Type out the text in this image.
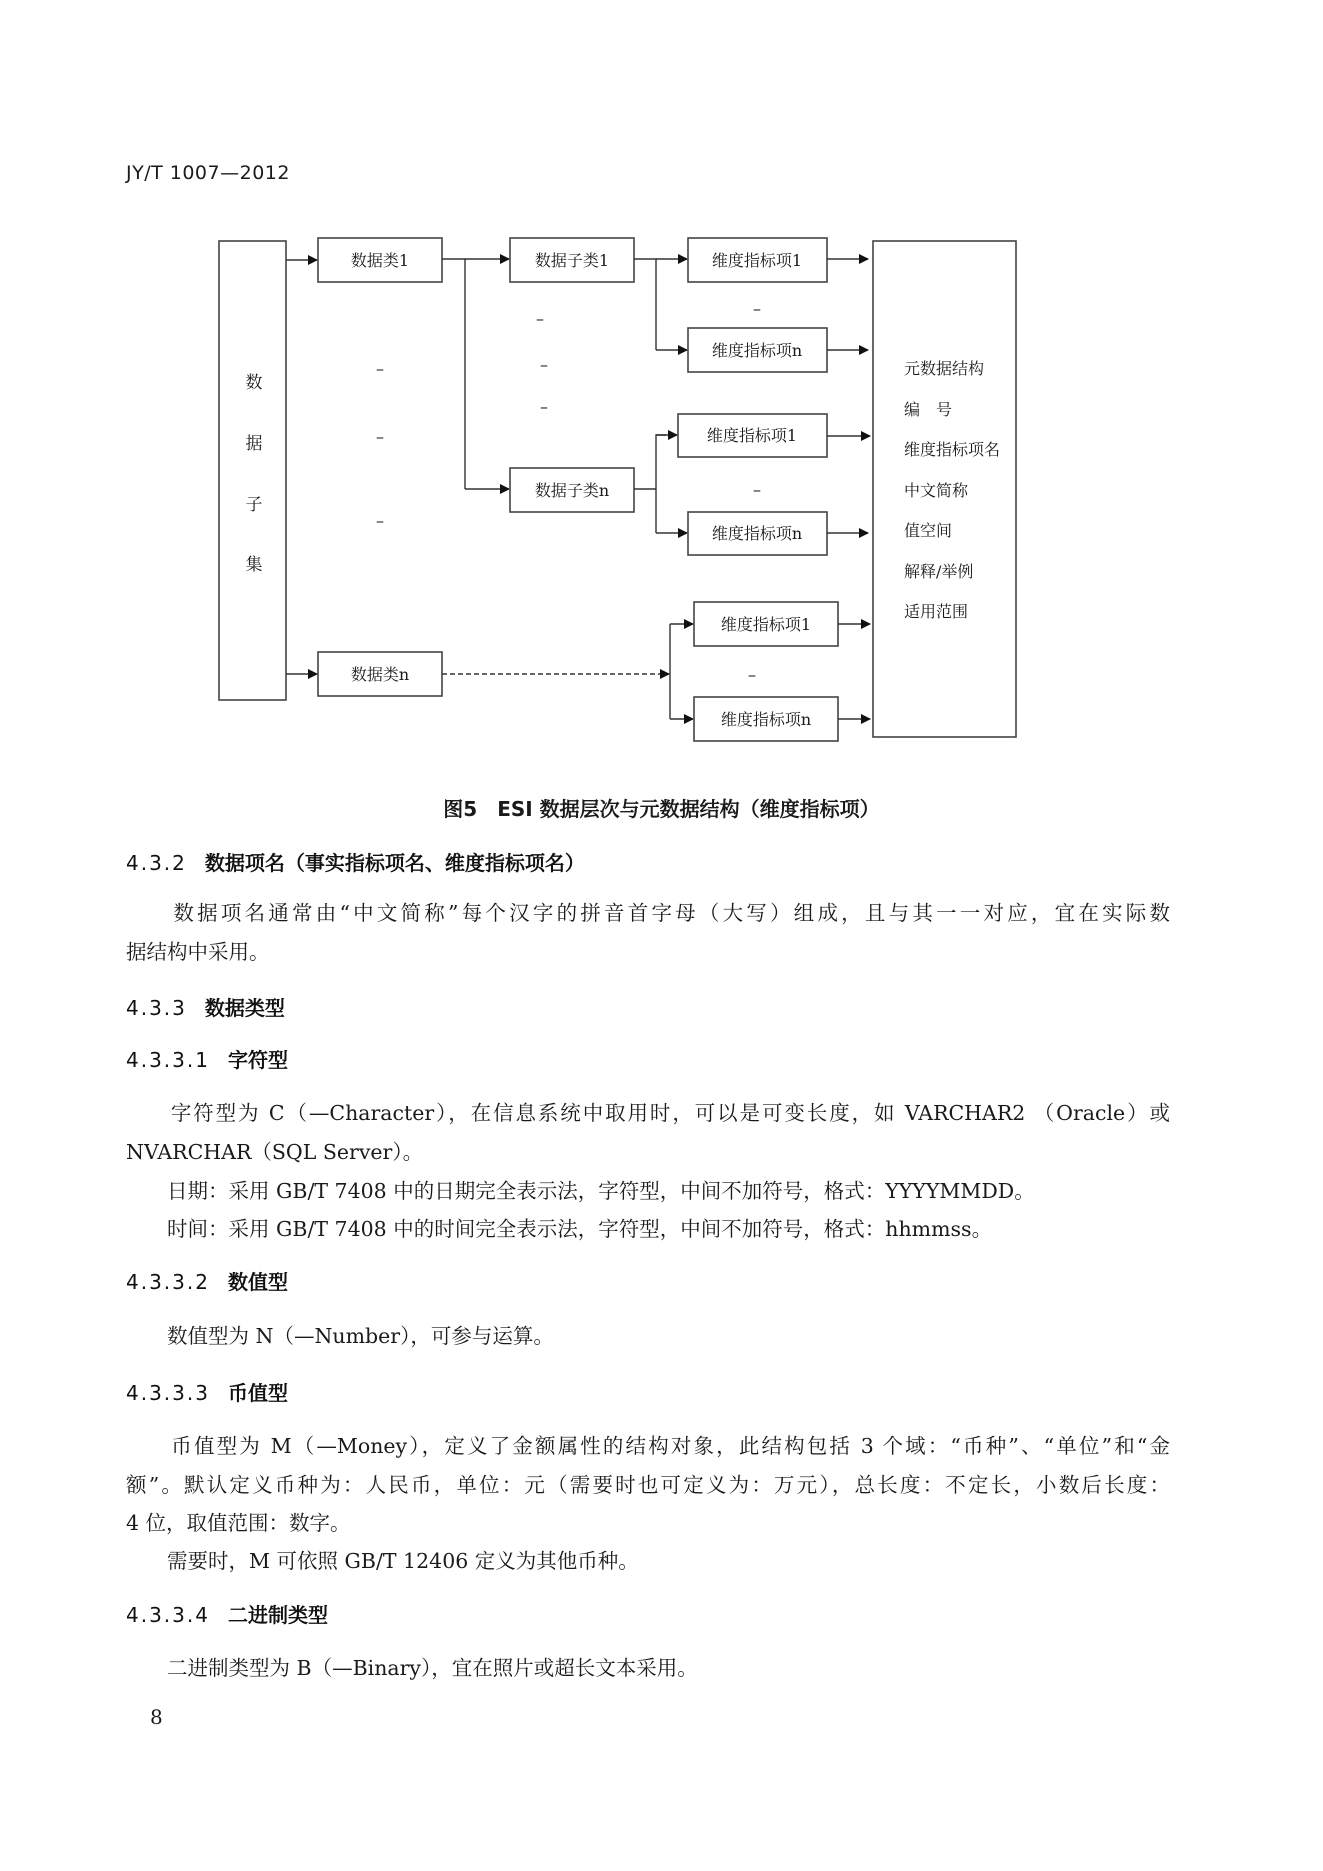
JY/T 1007—2012
数
据
子
集
数据类1
数据类n
–
–
–
数据子类1
数据子类n
–
–
–
维度指标项1
–
维度指标项n
维度指标项1
–
维度指标项n
维度指标项1
–
维度指标项n
元数据结构
编　号
维度指标项名
中文简称
值空间
解释/举例
适用范围
图5　ESI 数据层次与元数据结构（维度指标项）
4.3.2 数据项名（事实指标项名、维度指标项名）
　　数据项名通常由“中文简称”每个汉字的拼音首字母（大写）组成，且与其一一对应，宜在实际数
据结构中采用。
4.3.3 数据类型
4.3.3.1 字符型
　　字符型为 C（—Character），在信息系统中取用时，可以是可变长度，如 VARCHAR2 （Oracle）或
NVARCHAR（SQL Server）。
　　日期：采用 GB/T 7408 中的日期完全表示法，字符型，中间不加符号，格式：YYYYMMDD。
　　时间：采用 GB/T 7408 中的时间完全表示法，字符型，中间不加符号，格式：hhmmss。
4.3.3.2 数值型
　　数值型为 N（—Number），可参与运算。
4.3.3.3 币值型
　　币值型为 M（—Money），定义了金额属性的结构对象，此结构包括 3 个域：“币种”、“单位”和“金
额”。默认定义币种为：人民币，单位：元（需要时也可定义为：万元），总长度：不定长，小数后长度：
4 位，取值范围：数字。
　　需要时，M 可依照 GB/T 12406 定义为其他币种。
4.3.3.4 二进制类型
　　二进制类型为 B（—Binary），宜在照片或超长文本采用。
8
